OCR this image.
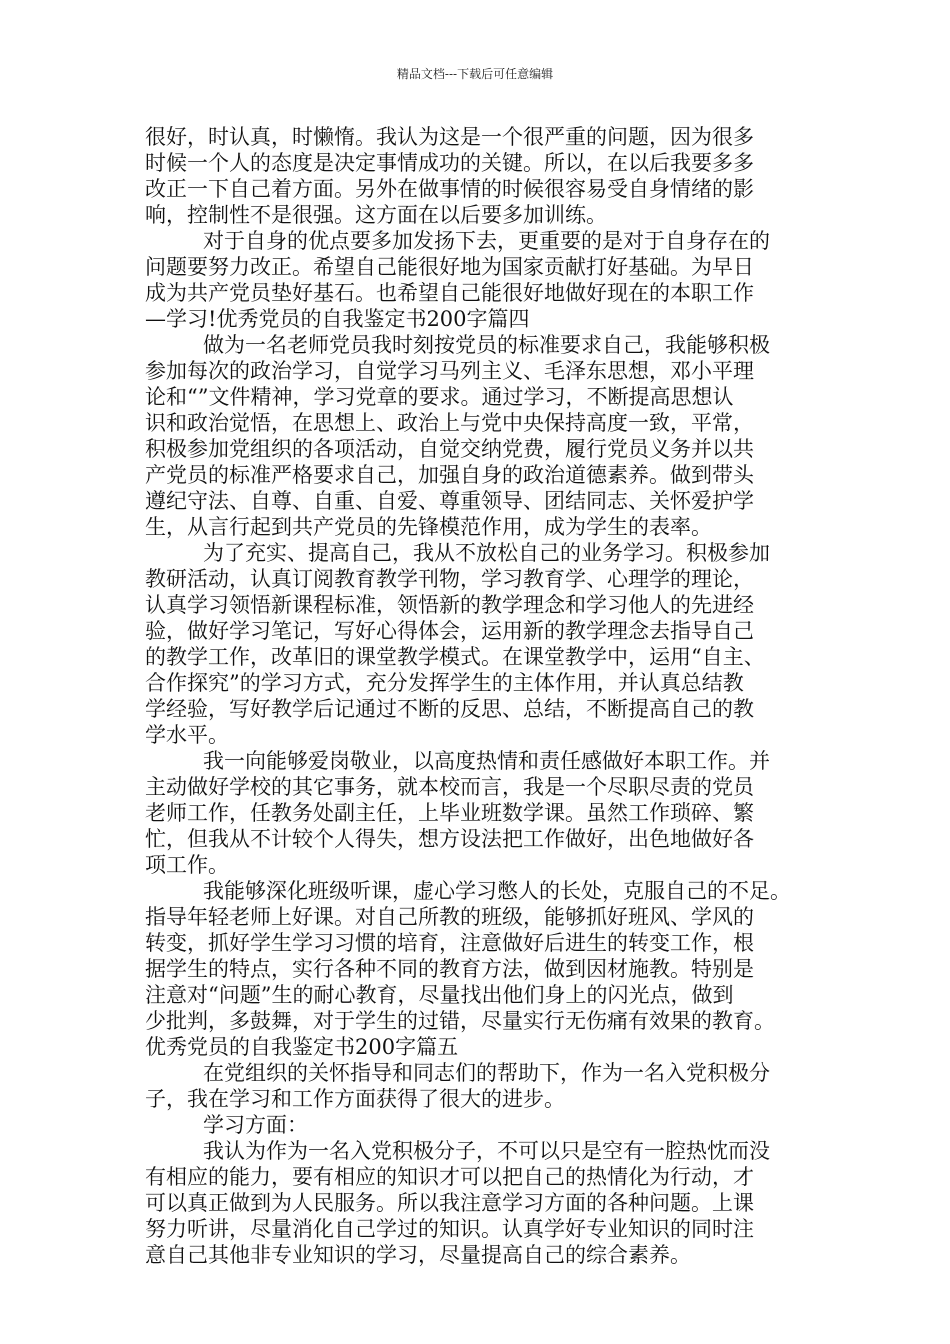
精品文档---下载后可任意编辑
很好，时认真，时懒惰。我认为这是一个很严重的问题，因为很多
时候一个人的态度是决定事情成功的关键。所以，在以后我要多多
改正一下自己着方面。另外在做事情的时候很容易受自身情绪的影
响，控制性不是很强。这方面在以后要多加训练。
对于自身的优点要多加发扬下去，更重要的是对于自身存在的
问题要努力改正。希望自己能很好地为国家贡献打好基础。为早日
成为共产党员垫好基石。也希望自己能很好地做好现在的本职工作
—学习!优秀党员的自我鉴定书200字篇四
做为一名老师党员我时刻按党员的标准要求自己，我能够积极
参加每次的政治学习，自觉学习马列主义、毛泽东思想，邓小平理
论和“”文件精神，学习党章的要求。通过学习，不断提高思想认
识和政治觉悟，在思想上、政治上与党中央保持高度一致，平常，
积极参加党组织的各项活动，自觉交纳党费，履行党员义务并以共
产党员的标准严格要求自己，加强自身的政治道德素养。做到带头
遵纪守法、自尊、自重、自爱、尊重领导、团结同志、关怀爱护学
生，从言行起到共产党员的先锋模范作用，成为学生的表率。
为了充实、提高自己，我从不放松自己的业务学习。积极参加
教研活动，认真订阅教育教学刊物，学习教育学、心理学的理论，
认真学习领悟新课程标准，领悟新的教学理念和学习他人的先进经
验，做好学习笔记，写好心得体会，运用新的教学理念去指导自己
的教学工作，改革旧的课堂教学模式。在课堂教学中，运用“自主、
合作探究”的学习方式，充分发挥学生的主体作用，并认真总结教
学经验，写好教学后记通过不断的反思、总结，不断提高自己的教
学水平。
我一向能够爱岗敬业，以高度热情和责任感做好本职工作。并
主动做好学校的其它事务，就本校而言，我是一个尽职尽责的党员
老师工作，任教务处副主任，上毕业班数学课。虽然工作琐碎、繁
忙，但我从不计较个人得失，想方设法把工作做好，出色地做好各
项工作。
我能够深化班级听课，虚心学习憋人的长处，克服自己的不足。
指导年轻老师上好课。对自己所教的班级，能够抓好班风、学风的
转变，抓好学生学习习惯的培育，注意做好后进生的转变工作，根
据学生的特点，实行各种不同的教育方法，做到因材施教。特别是
注意对“问题”生的耐心教育，尽量找出他们身上的闪光点，做到
少批判，多鼓舞，对于学生的过错，尽量实行无伤痛有效果的教育。
优秀党员的自我鉴定书200字篇五
在党组织的关怀指导和同志们的帮助下，作为一名入党积极分
子，我在学习和工作方面获得了很大的进步。
学习方面：
我认为作为一名入党积极分子，不可以只是空有一腔热忱而没
有相应的能力，要有相应的知识才可以把自己的热情化为行动，才
可以真正做到为人民服务。所以我注意学习方面的各种问题。上课
努力听讲，尽量消化自己学过的知识。认真学好专业知识的同时注
意自己其他非专业知识的学习，尽量提高自己的综合素养。
